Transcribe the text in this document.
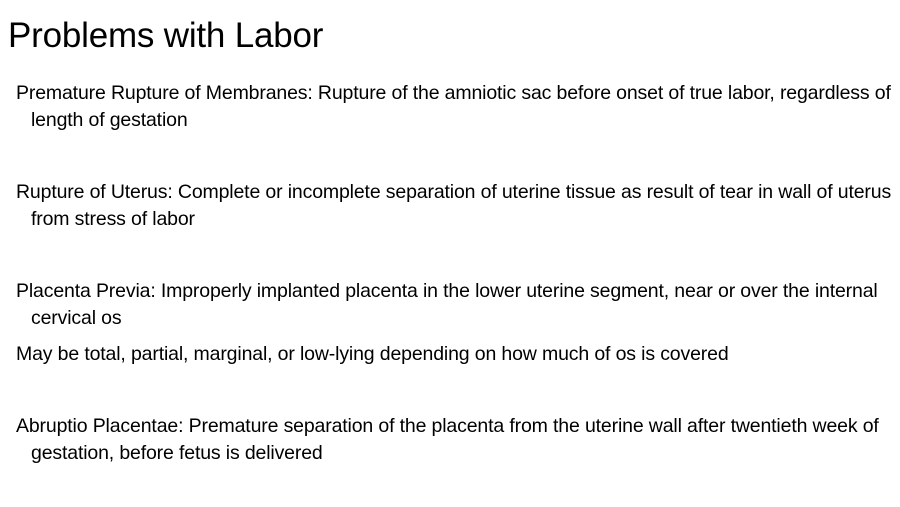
Problems with Labor
Premature Rupture of Membranes: Rupture of the amniotic sac before onset of true labor, regardless of length of gestation
Rupture of Uterus: Complete or incomplete separation of uterine tissue as result of tear in wall of uterus from stress of labor
Placenta Previa: Improperly implanted placenta in the lower uterine segment, near or over the internal cervical os
May be total, partial, marginal, or low-lying depending on how much of os is covered
Abruptio Placentae: Premature separation of the placenta from the uterine wall after twentieth week of gestation, before fetus is delivered
